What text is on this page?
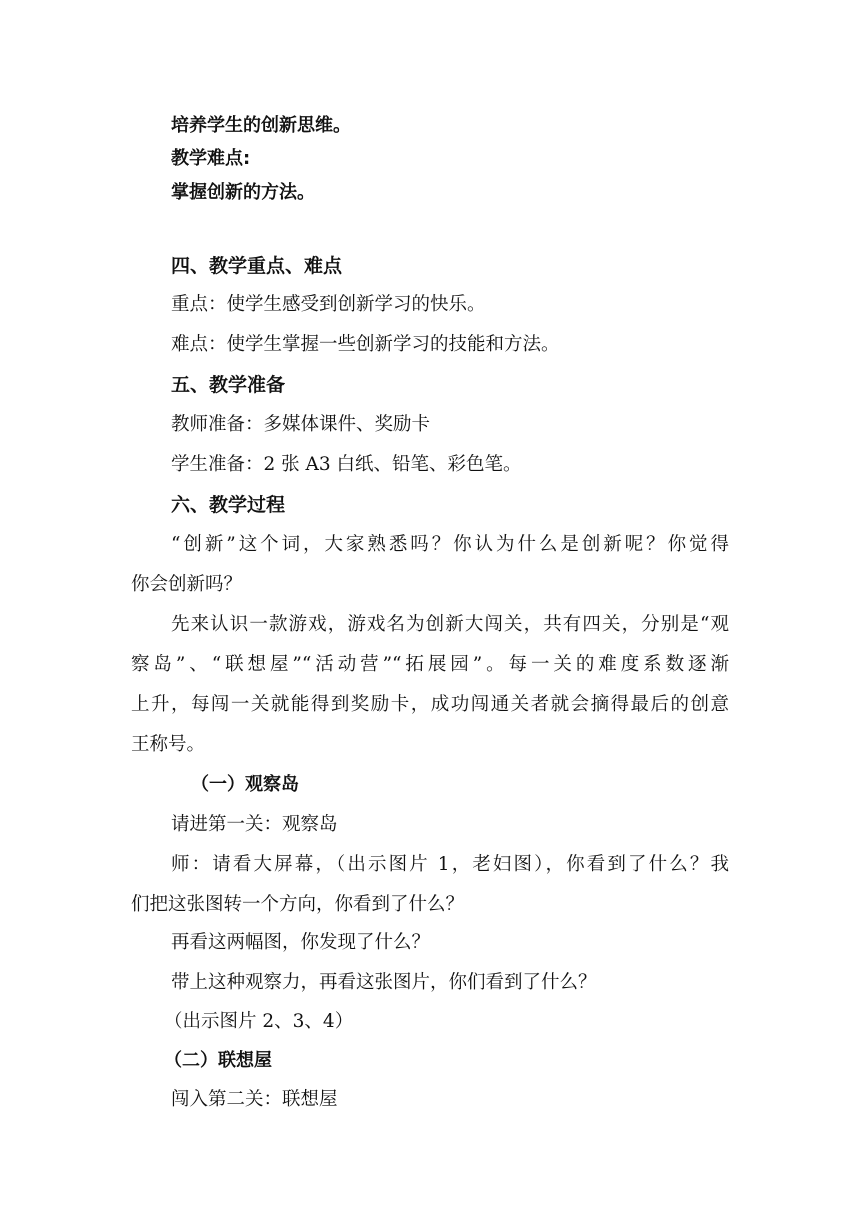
培养学生的创新思维。
教学难点:
掌握创新的方法。
四、教学重点、难点
重点：使学生感受到创新学习的快乐。
难点：使学生掌握一些创新学习的技能和方法。
五、教学准备
教师准备：多媒体课件、奖励卡
学生准备：2 张 A3 白纸、铅笔、彩色笔。
六、教学过程
“创新”这个词，大家熟悉吗？你认为什么是创新呢？你觉得
你会创新吗？
先来认识一款游戏，游戏名为创新大闯关，共有四关，分别是“观
察岛”、“联想屋”“活动营”“拓展园”。每一关的难度系数逐渐
上升，每闯一关就能得到奖励卡，成功闯通关者就会摘得最后的创意
王称号。
（一）观察岛
请进第一关：观察岛
师：请看大屏幕，（出示图片 1，老妇图），你看到了什么？我
们把这张图转一个方向，你看到了什么？
再看这两幅图，你发现了什么？
带上这种观察力，再看这张图片，你们看到了什么？
（出示图片 2、3、4）
（二）联想屋
闯入第二关：联想屋
